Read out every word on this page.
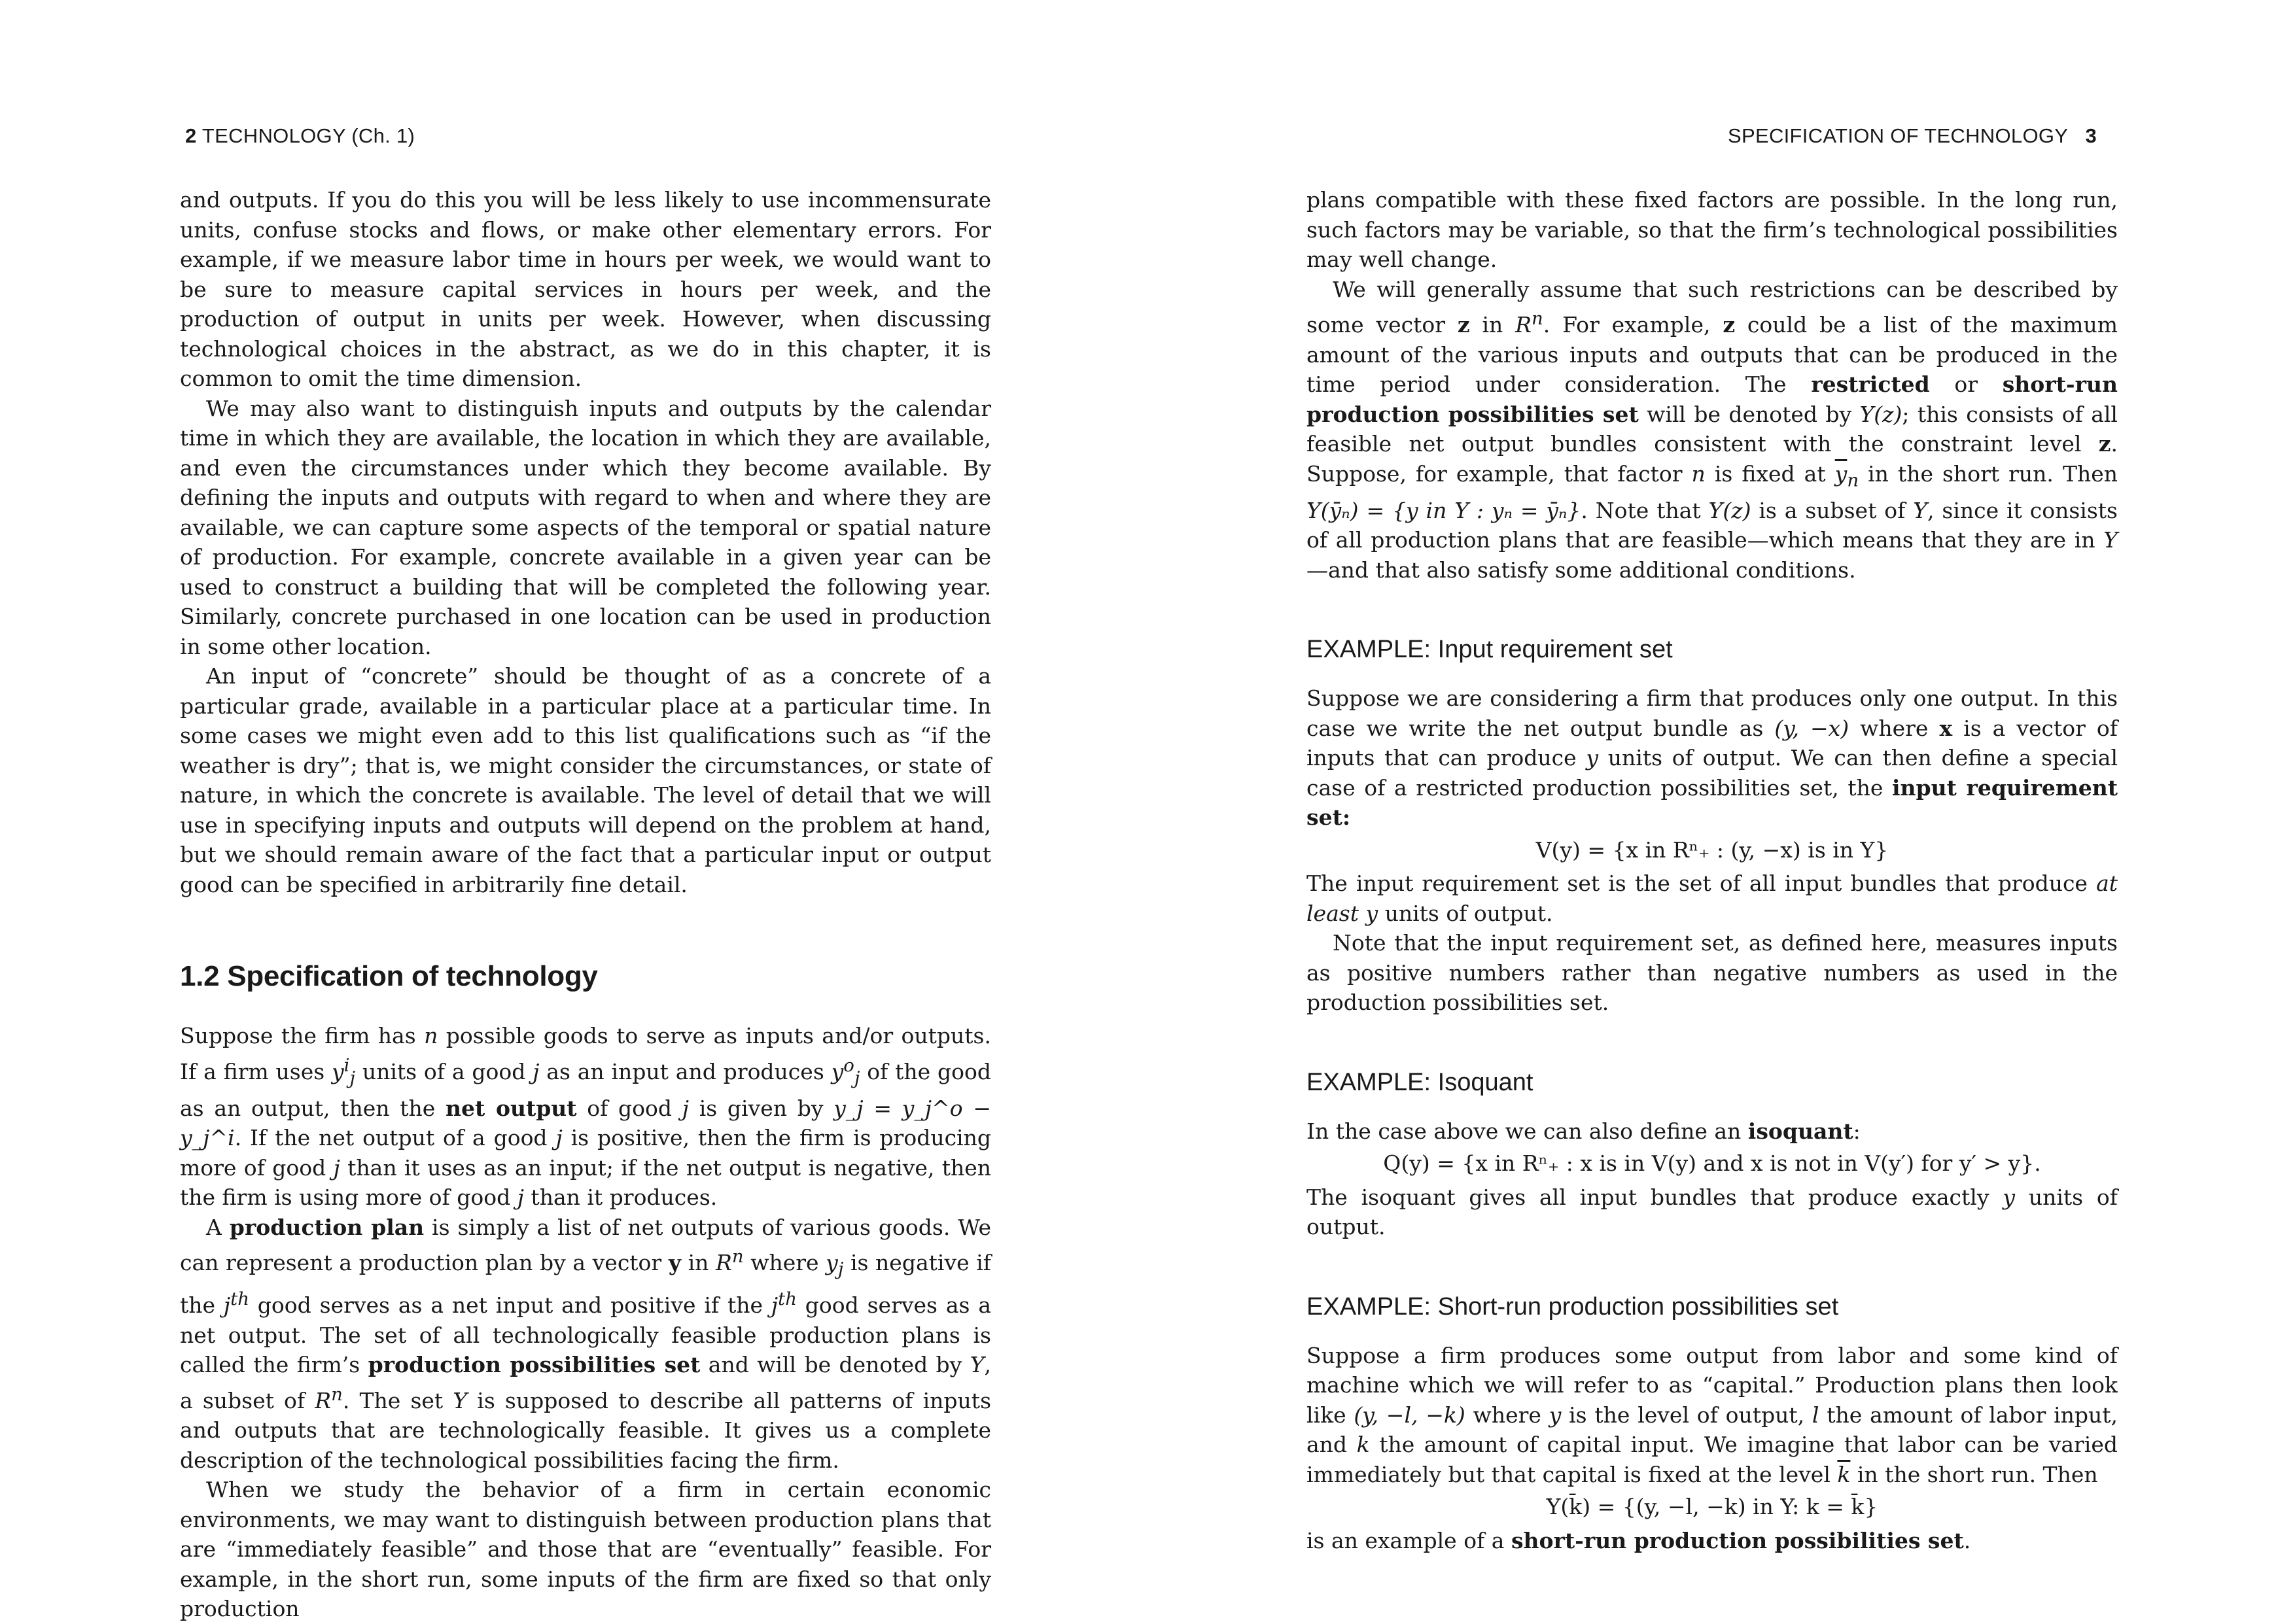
2 TECHNOLOGY (Ch. 1)

and outputs. If you do this you will be less likely to use incommensurate units, confuse stocks and flows, or make other elementary errors. For example, if we measure labor time in hours per week, we would want to be sure to measure capital services in hours per week, and the production of output in units per week. However, when discussing technological choices in the abstract, as we do in this chapter, it is common to omit the time dimension.

We may also want to distinguish inputs and outputs by the calendar time in which they are available, the location in which they are available, and even the circumstances under which they become available. By defining the inputs and outputs with regard to when and where they are available, we can capture some aspects of the temporal or spatial nature of production. For example, concrete available in a given year can be used to construct a building that will be completed the following year. Similarly, concrete purchased in one location can be used in production in some other location.

An input of “concrete” should be thought of as a concrete of a particular grade, available in a particular place at a particular time. In some cases we might even add to this list qualifications such as “if the weather is dry”; that is, we might consider the circumstances, or state of nature, in which the concrete is available. The level of detail that we will use in specifying inputs and outputs will depend on the problem at hand, but we should remain aware of the fact that a particular input or output good can be specified in arbitrarily fine detail.

1.2 Specification of technology

Suppose the firm has n possible goods to serve as inputs and/or outputs. If a firm uses $y^i_j$ units of a good j as an input and produces $y^o_j$ of the good as an output, then the net output of good j is given by y_j = y_j^o − y_j^i. If the net output of a good j is positive, then the firm is producing more of good j than it uses as an input; if the net output is negative, then the firm is using more of good j than it produces.

A production plan is simply a list of net outputs of various goods. We can represent a production plan by a vector y in $R^n$ where $y_j$ is negative if the $j^{th}$ good serves as a net input and positive if the $j^{th}$ good serves as a net output. The set of all technologically feasible production plans is called the firm’s production possibilities set and will be denoted by Y, a subset of $R^n$. The set Y is supposed to describe all patterns of inputs and outputs that are technologically feasible. It gives us a complete description of the technological possibilities facing the firm.

When we study the behavior of a firm in certain economic environments, we may want to distinguish between production plans that are “immediately feasible” and those that are “eventually” feasible. For example, in the short run, some inputs of the firm are fixed so that only production

SPECIFICATION OF TECHNOLOGY 3

plans compatible with these fixed factors are possible. In the long run, such factors may be variable, so that the firm’s technological possibilities may well change.

We will generally assume that such restrictions can be described by some vector z in $R^n$. For example, z could be a list of the maximum amount of the various inputs and outputs that can be produced in the time period under consideration. The restricted or short-run production possibilities set will be denoted by Y(z); this consists of all feasible net output bundles consistent with the constraint level z. Suppose, for example, that factor n is fixed at $\overline{y}_n$ in the short run. Then Y(ȳₙ) = {y in Y : yₙ = ȳₙ}. Note that Y(z) is a subset of Y, since it consists of all production plans that are feasible—which means that they are in Y—and that also satisfy some additional conditions.

EXAMPLE: Input requirement set

Suppose we are considering a firm that produces only one output. In this case we write the net output bundle as (y, −x) where x is a vector of inputs that can produce y units of output. We can then define a special case of a restricted production possibilities set, the input requirement set:

V(y) = {x in Rⁿ₊ : (y, −x) is in Y}

The input requirement set is the set of all input bundles that produce at least y units of output.

Note that the input requirement set, as defined here, measures inputs as positive numbers rather than negative numbers as used in the production possibilities set.

EXAMPLE: Isoquant

In the case above we can also define an isoquant:

Q(y) = {x in Rⁿ₊ : x is in V(y) and x is not in V(y′) for y′ > y}.

The isoquant gives all input bundles that produce exactly y units of output.

EXAMPLE: Short-run production possibilities set

Suppose a firm produces some output from labor and some kind of machine which we will refer to as “capital.” Production plans then look like (y, −l, −k) where y is the level of output, l the amount of labor input, and k the amount of capital input. We imagine that labor can be varied immediately but that capital is fixed at the level $\overline{k}$ in the short run. Then

Y(k̄) = {(y, −l, −k) in Y: k = k̄}

is an example of a short-run production possibilities set.
